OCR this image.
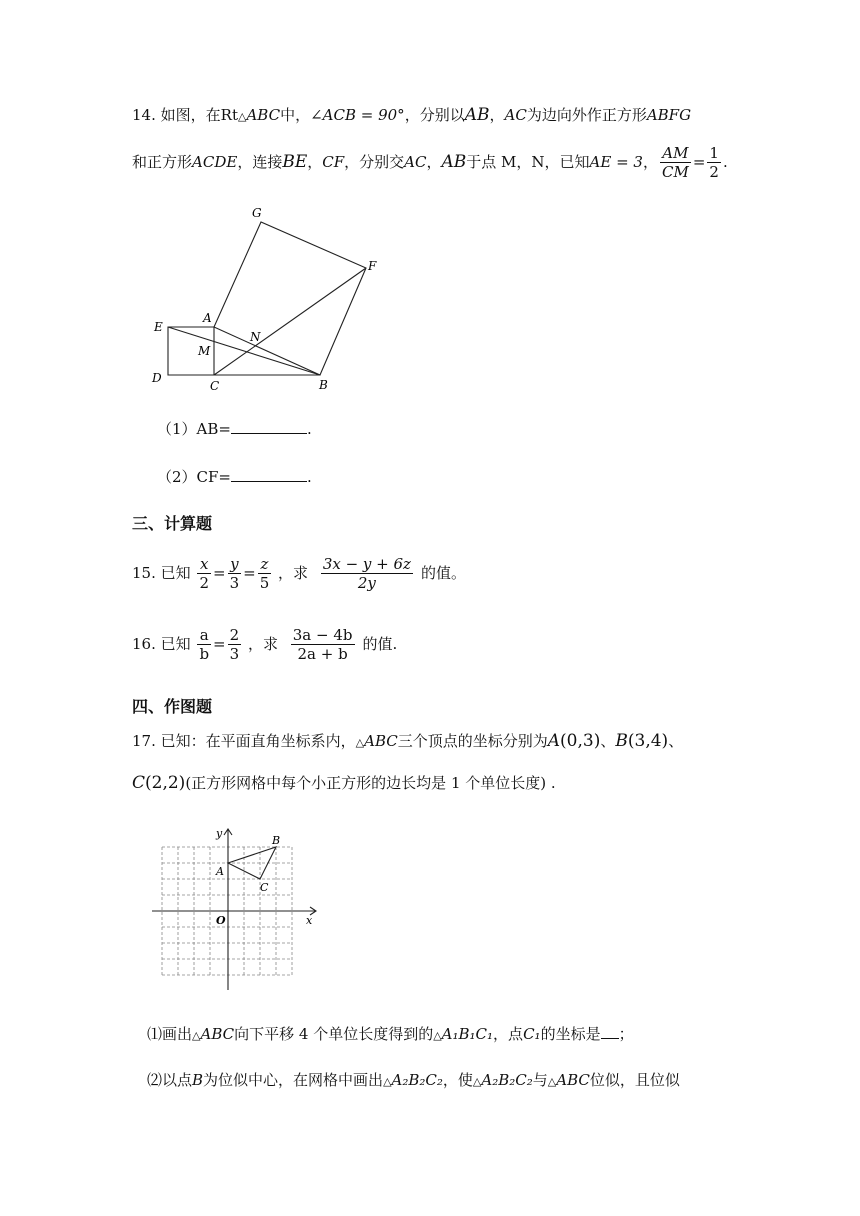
14. 如图，在Rt△ABC中，∠ACB = 90°，分别以AB，AC为边向外作正方形ABFG
和正方形 ACDE ，连接 BE ， CF ，分别交 AC ， AB 于点 M，N，已知 AE = 3 ， $\frac{AM}{CM} = \frac{1}{2}$ .
G
F
E
A
N
M
D
C	B
（1）AB=	.
（2）CF=	.
三、计算题
15.
已知
$\frac{x}{2} = \frac{y}{3} = \frac{z}{5}$
，求
$\frac{3x - y + 6z}{2y}$ 的值。
16.
已知
$\frac{a}{b} = \frac{2}{3}$
，求
$\frac{3a - 4b}{2a + b}$ 的值.
四、作图题
17. 已知：在平面直角坐标系内，△ABC三个顶点的坐标分别为A(0,3)、B(3,4)、
C(2,2)(正方形网格中每个小正方形的边长均是 1 个单位长度) .
y
x
O
A
B
C
⑴画出△ABC向下平移 4 个单位长度得到的△A₁B₁C₁，点C₁的坐标是 ；
⑵以点B为位似中心，在网格中画出△A₂B₂C₂，使△A₂B₂C₂与△ABC位似，且位似
